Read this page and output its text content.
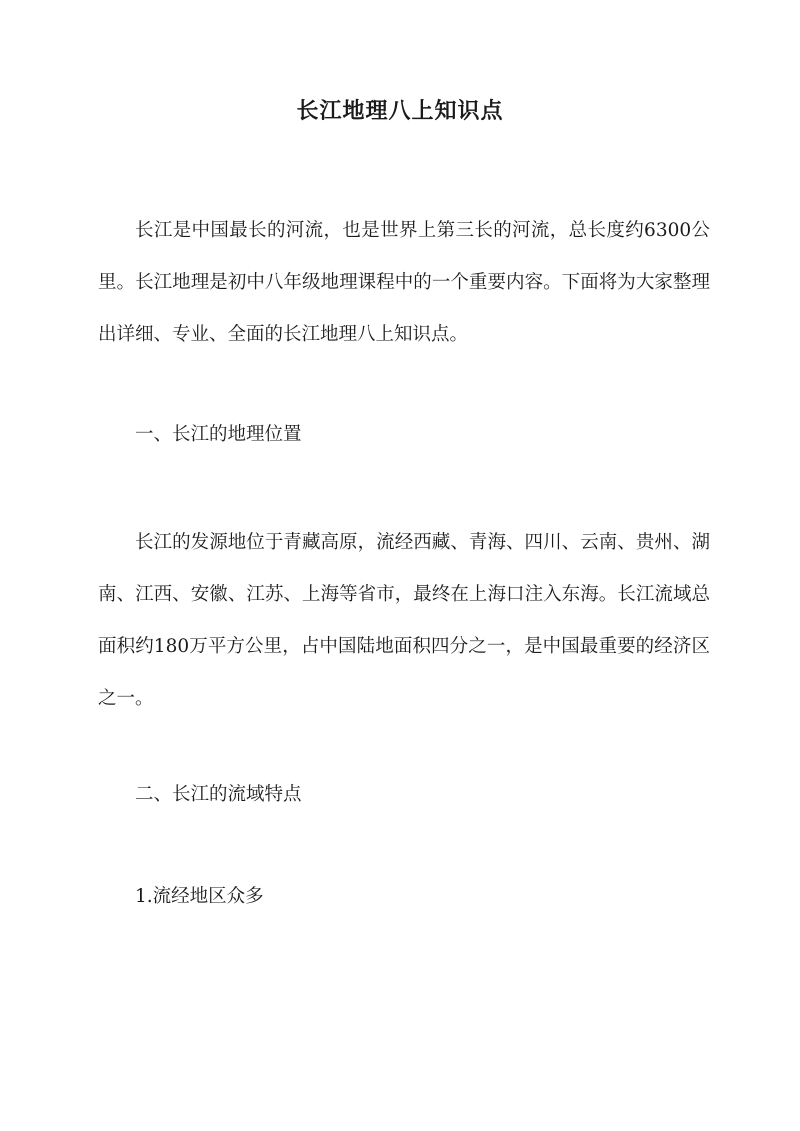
长江地理八上知识点

长江是中国最长的河流，也是世界上第三长的河流，总长度约6300公里。长江地理是初中八年级地理课程中的一个重要内容。下面将为大家整理出详细、专业、全面的长江地理八上知识点。

一、长江的地理位置

长江的发源地位于青藏高原，流经西藏、青海、四川、云南、贵州、湖南、江西、安徽、江苏、上海等省市，最终在上海口注入东海。长江流域总面积约180万平方公里，占中国陆地面积四分之一，是中国最重要的经济区之一。

二、长江的流域特点

1.流经地区众多
